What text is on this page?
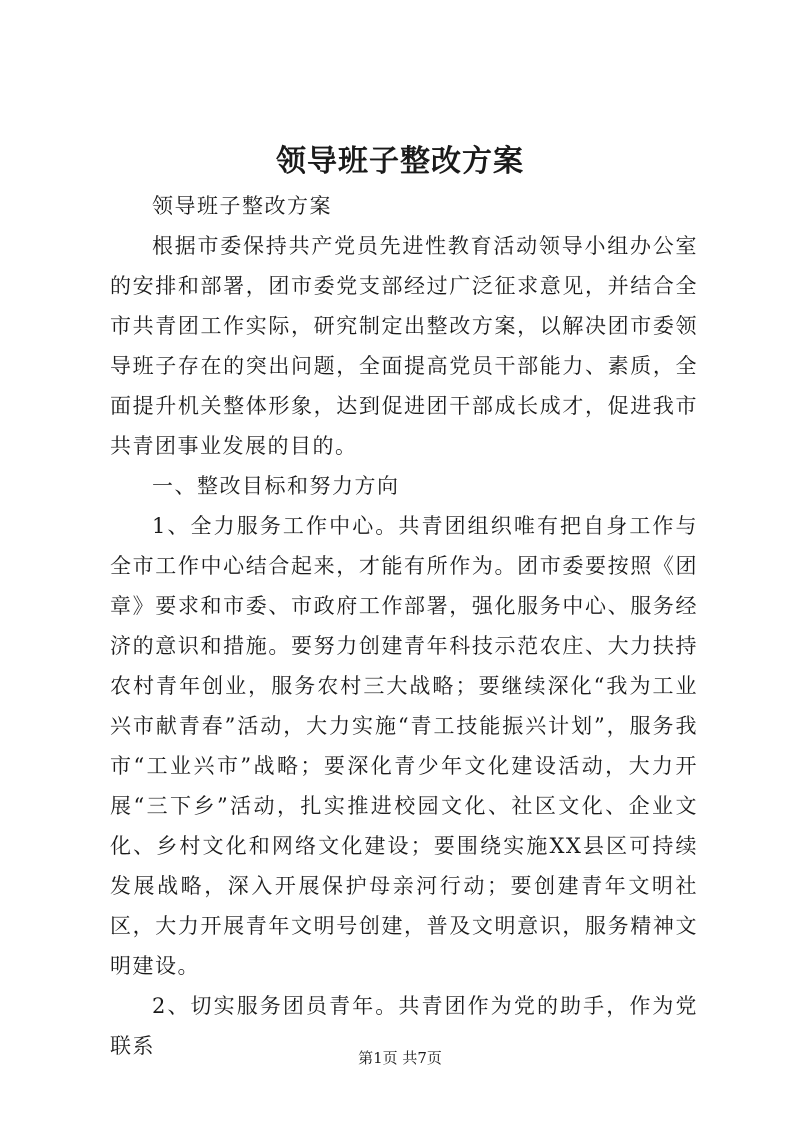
领导班子整改方案

领导班子整改方案

根据市委保持共产党员先进性教育活动领导小组办公室的安排和部署，团市委党支部经过广泛征求意见，并结合全市共青团工作实际，研究制定出整改方案，以解决团市委领导班子存在的突出问题，全面提高党员干部能力、素质，全面提升机关整体形象，达到促进团干部成长成才，促进我市共青团事业发展的目的。

一、整改目标和努力方向

1、全力服务工作中心。共青团组织唯有把自身工作与全市工作中心结合起来，才能有所作为。团市委要按照《团章》要求和市委、市政府工作部署，强化服务中心、服务经济的意识和措施。要努力创建青年科技示范农庄、大力扶持农村青年创业，服务农村三大战略；要继续深化“我为工业兴市献青春”活动，大力实施“青工技能振兴计划”，服务我市“工业兴市”战略；要深化青少年文化建设活动，大力开展“三下乡”活动，扎实推进校园文化、社区文化、企业文化、乡村文化和网络文化建设；要围绕实施XX县区可持续发展战略，深入开展保护母亲河行动；要创建青年文明社区，大力开展青年文明号创建，普及文明意识，服务精神文明建设。

2、切实服务团员青年。共青团作为党的助手，作为党联系	第1页 共7页
